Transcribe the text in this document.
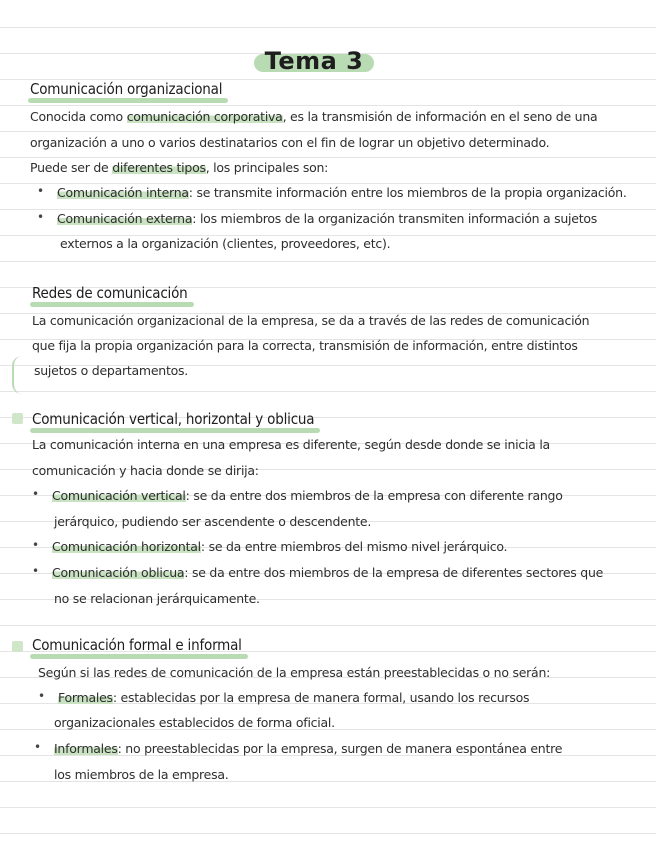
Tema 3
Comunicación organizacional
Conocida como comunicación corporativa, es la transmisión de información en el seno de una
organización a uno o varios destinatarios con el fin de lograr un objetivo determinado.
Puede ser de diferentes tipos, los principales son:
• Comunicación interna: se transmite información entre los miembros de la propia organización.
• Comunicación externa: los miembros de la organización transmiten información a sujetos
externos a la organización (clientes, proveedores, etc).
Redes de comunicación
La comunicación organizacional de la empresa, se da a través de las redes de comunicación
que fija la propia organización para la correcta, transmisión de información, entre distintos
sujetos o departamentos.
Comunicación vertical, horizontal y oblicua
La comunicación interna en una empresa es diferente, según desde donde se inicia la
comunicación y hacia donde se dirija:
• Comunicación vertical: se da entre dos miembros de la empresa con diferente rango
jerárquico, pudiendo ser ascendente o descendente.
• Comunicación horizontal: se da entre miembros del mismo nivel jerárquico.
• Comunicación oblicua: se da entre dos miembros de la empresa de diferentes sectores que
no se relacionan jerárquicamente.
Comunicación formal e informal
Según si las redes de comunicación de la empresa están preestablecidas o no serán:
• Formales: establecidas por la empresa de manera formal, usando los recursos
organizacionales establecidos de forma oficial.
• Informales: no preestablecidas por la empresa, surgen de manera espontánea entre
los miembros de la empresa.
